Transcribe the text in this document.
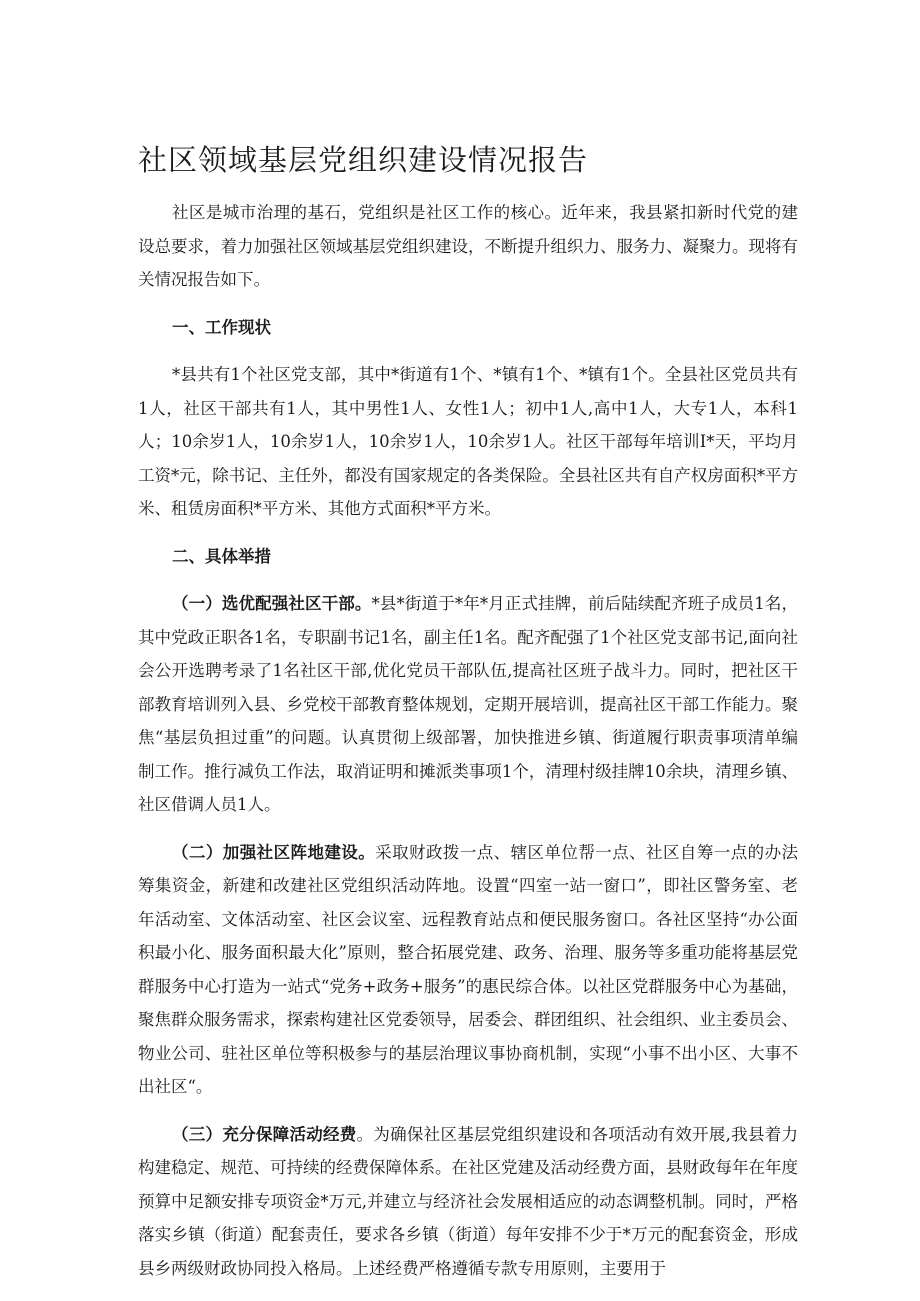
社区领域基层党组织建设情况报告

社区是城市治理的基石，党组织是社区工作的核心。近年来，我县紧扣新时代党的建设总要求，着力加强社区领域基层党组织建设，不断提升组织力、服务力、凝聚力。现将有关情况报告如下。

一、工作现状

*县共有1个社区党支部，其中*街道有1个、*镇有1个、*镇有1个。全县社区党员共有1人，社区干部共有1人，其中男性1人、女性1人；初中1人,高中1人，大专1人，本科1人；10余岁1人，10余岁1人，10余岁1人，10余岁1人。社区干部每年培训I*天，平均月工资*元，除书记、主任外，都没有国家规定的各类保险。全县社区共有自产权房面积*平方米、租赁房面积*平方米、其他方式面积*平方米。

二、具体举措

（一）选优配强社区干部。*县*街道于*年*月正式挂牌，前后陆续配齐班子成员1名，其中党政正职各1名，专职副书记1名，副主任1名。配齐配强了1个社区党支部书记,面向社会公开选聘考录了1名社区干部,优化党员干部队伍,提高社区班子战斗力。同时，把社区干部教育培训列入县、乡党校干部教育整体规划，定期开展培训，提高社区干部工作能力。聚焦“基层负担过重”的问题。认真贯彻上级部署，加快推进乡镇、街道履行职责事项清单编制工作。推行减负工作法，取消证明和摊派类事项1个，清理村级挂牌10余块，清理乡镇、社区借调人员1人。

（二）加强社区阵地建设。采取财政拨一点、辖区单位帮一点、社区自筹一点的办法筹集资金，新建和改建社区党组织活动阵地。设置“四室一站一窗口”，即社区警务室、老年活动室、文体活动室、社区会议室、远程教育站点和便民服务窗口。各社区坚持“办公面积最小化、服务面积最大化”原则，整合拓展党建、政务、治理、服务等多重功能将基层党群服务中心打造为一站式“党务+政务+服务”的惠民综合体。以社区党群服务中心为基础，聚焦群众服务需求，探索构建社区党委领导，居委会、群团组织、社会组织、业主委员会、物业公司、驻社区单位等积极参与的基层治理议事协商机制，实现“小事不出小区、大事不出社区“。

（三）充分保障活动经费。为确保社区基层党组织建设和各项活动有效开展,我县着力构建稳定、规范、可持续的经费保障体系。在社区党建及活动经费方面，县财政每年在年度预算中足额安排专项资金*万元,并建立与经济社会发展相适应的动态调整机制。同时，严格落实乡镇（街道）配套责任，要求各乡镇（街道）每年安排不少于*万元的配套资金，形成县乡两级财政协同投入格局。上述经费严格遵循专款专用原则，主要用于
